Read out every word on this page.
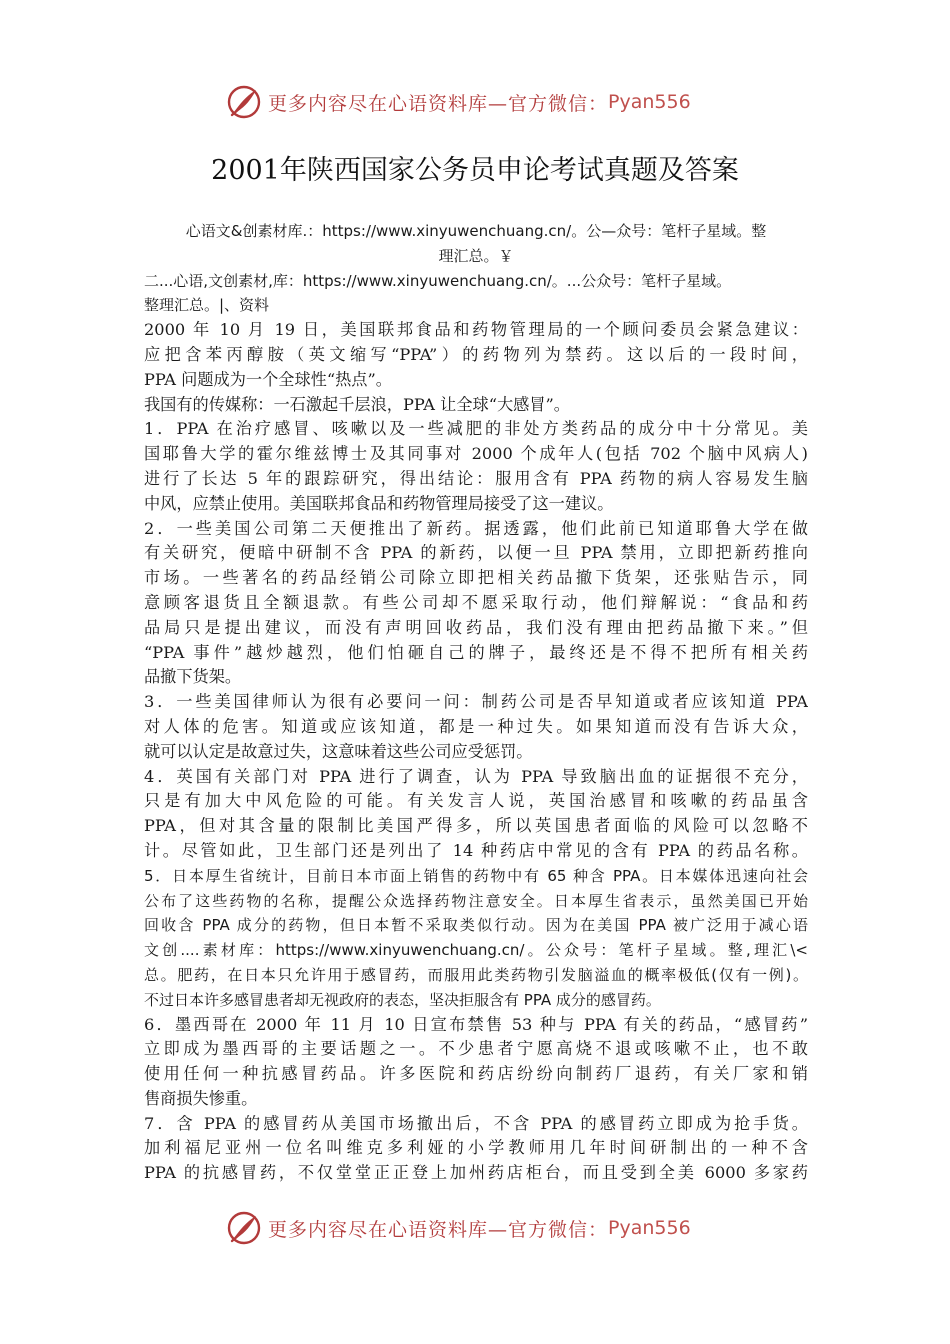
更多内容尽在心语资料库—官方微信： Pyan556
2001年陕西国家公务员申论考试真题及答案
心语文&创素材库.：https://www.xinyuwenchuang.cn/。公—众号：笔杆子星域。整
理汇总。￥
二...心语,文创素材,库：https://www.xinyuwenchuang.cn/。...公众号：笔杆子星域。
整理汇总。|、资料
2000 年 10 月 19 日，美国联邦食品和药物管理局的一个顾问委员会紧急建议：
应把含苯丙醇胺（英文缩写“PPA”）的药物列为禁药。这以后的一段时间，
PPA 问题成为一个全球性“热点”。
我国有的传媒称：一石激起千层浪，PPA 让全球“大感冒”。
1．PPA 在治疗感冒、咳嗽以及一些减肥的非处方类药品的成分中十分常见。美
国耶鲁大学的霍尔维兹博士及其同事对 2000 个成年人(包括 702 个脑中风病人)
进行了长达 5 年的跟踪研究，得出结论：服用含有 PPA 药物的病人容易发生脑
中风，应禁止使用。美国联邦食品和药物管理局接受了这一建议。
2．一些美国公司第二天便推出了新药。据透露，他们此前已知道耶鲁大学在做
有关研究，便暗中研制不含 PPA 的新药，以便一旦 PPA 禁用，立即把新药推向
市场。一些著名的药品经销公司除立即把相关药品撤下货架，还张贴告示，同
意顾客退货且全额退款。有些公司却不愿采取行动，他们辩解说：“食品和药
品局只是提出建议，而没有声明回收药品，我们没有理由把药品撤下来。”但
“PPA 事件”越炒越烈，他们怕砸自己的牌子，最终还是不得不把所有相关药
品撤下货架。
3．一些美国律师认为很有必要问一问：制药公司是否早知道或者应该知道 PPA
对人体的危害。知道或应该知道，都是一种过失。如果知道而没有告诉大众，
就可以认定是故意过失，这意味着这些公司应受惩罚。
4．英国有关部门对 PPA 进行了调查，认为 PPA 导致脑出血的证据很不充分，
只是有加大中风危险的可能。有关发言人说，英国治感冒和咳嗽的药品虽含
PPA，但对其含量的限制比美国严得多，所以英国患者面临的风险可以忽略不
计。尽管如此，卫生部门还是列出了 14 种药店中常见的含有 PPA 的药品名称。
5．日本厚生省统计，目前日本市面上销售的药物中有 65 种含 PPA。日本媒体迅速向社会
公布了这些药物的名称，提醒公众选择药物注意安全。日本厚生省表示，虽然美国已开始
回收含 PPA 成分的药物，但日本暂不采取类似行动。因为在美国 PPA 被广泛用于减心语
文创....素材库：https://www.xinyuwenchuang.cn/。公众号：笔杆子星域。整,理汇\<
总。肥药，在日本只允许用于感冒药，而服用此类药物引发脑溢血的概率极低(仅有一例)。
不过日本许多感冒患者却无视政府的表态，坚决拒服含有 PPA 成分的感冒药。
6．墨西哥在 2000 年 11 月 10 日宣布禁售 53 种与 PPA 有关的药品，“感冒药”
立即成为墨西哥的主要话题之一。不少患者宁愿高烧不退或咳嗽不止，也不敢
使用任何一种抗感冒药品。许多医院和药店纷纷向制药厂退药，有关厂家和销
售商损失惨重。
7．含 PPA 的感冒药从美国市场撤出后，不含 PPA 的感冒药立即成为抢手货。
加利福尼亚州一位名叫维克多利娅的小学教师用几年时间研制出的一种不含
PPA 的抗感冒药，不仅堂堂正正登上加州药店柜台，而且受到全美 6000 多家药
更多内容尽在心语资料库—官方微信： Pyan556
